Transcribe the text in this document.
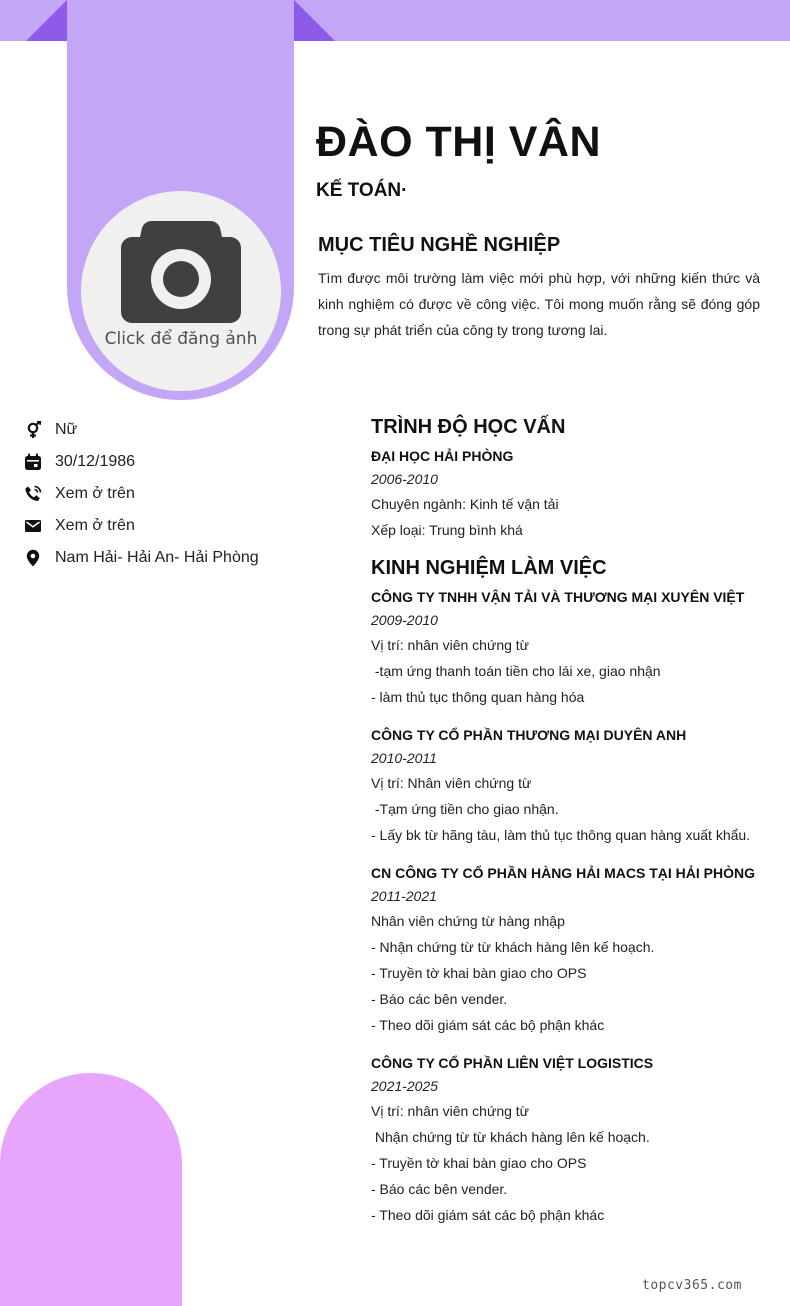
Click để đăng ảnh
ĐÀO THỊ VÂN
KẾ TOÁN·
MỤC TIÊU NGHỀ NGHIỆP

Tìm được môi trường làm việc mới phù hợp, với những kiến thức và kinh nghiệm có được về công việc. Tôi mong muốn rằng sẽ đóng góp trong sự phát triển của công ty trong tương lai.

Nữ
30/12/1986
Xem ở trên
Xem ở trên
Nam Hải- Hải An- Hải Phòng
TRÌNH ĐỘ HỌC VẤN
ĐẠI HỌC HẢI PHÒNG
2006-2010
Chuyên ngành: Kinh tế vận tải
Xếp loại: Trung bình khá
KINH NGHIỆM LÀM VIỆC
CÔNG TY TNHH VẬN TẢI VÀ THƯƠNG MẠI XUYÊN VIỆT
2009-2010
Vị trí: nhân viên chứng từ
-tạm ứng thanh toán tiền cho lái xe, giao nhận
- làm thủ tục thông quan hàng hóa
CÔNG TY CỔ PHẦN THƯƠNG MẠI DUYÊN ANH
2010-2011
Vị trí: Nhân viên chứng từ
-Tạm ứng tiền cho giao nhận.
- Lấy bk từ hãng tàu, làm thủ tục thông quan hàng xuất khẩu.
CN CÔNG TY CỔ PHẦN HÀNG HẢI MACS TẠI HẢI PHÒNG
2011-2021
Nhân viên chứng từ hàng nhập
- Nhận chứng từ từ khách hàng lên kế hoạch.
- Truyền tờ khai bàn giao cho OPS
- Báo các bên vender.
- Theo dõi giám sát các bộ phận khác
CÔNG TY CỔ PHẦN LIÊN VIỆT LOGISTICS
2021-2025
Vị trí: nhân viên chứng từ
Nhận chứng từ từ khách hàng lên kế hoạch.
- Truyền tờ khai bàn giao cho OPS
- Báo các bên vender.
- Theo dõi giám sát các bộ phận khác
topcv365.com
